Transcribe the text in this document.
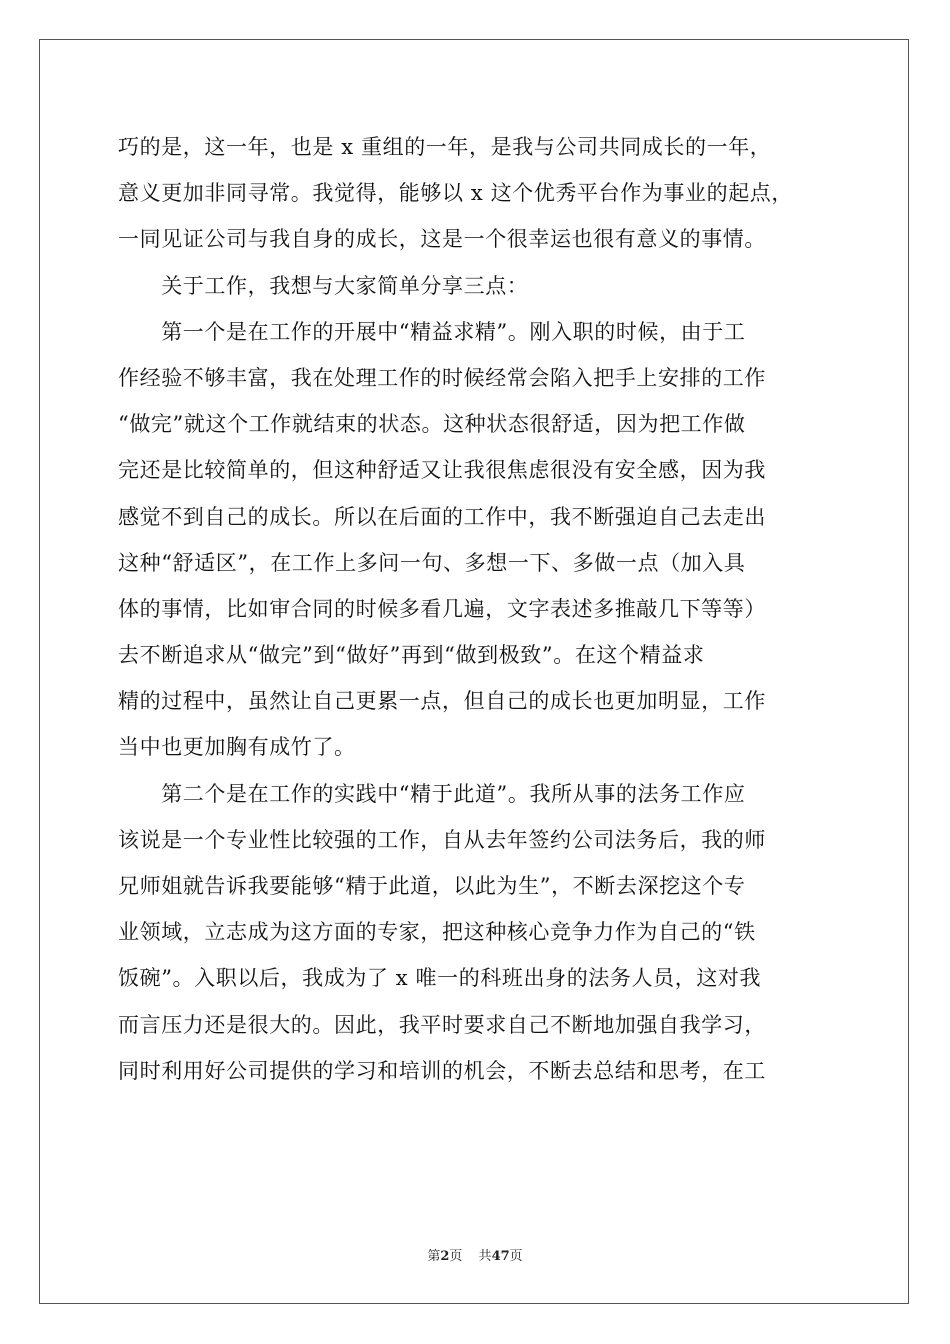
巧的是，这一年，也是 x 重组的一年，是我与公司共同成长的一年，
意义更加非同寻常。我觉得，能够以 x 这个优秀平台作为事业的起点，
一同见证公司与我自身的成长，这是一个很幸运也很有意义的事情。
　　关于工作，我想与大家简单分享三点：
　　第一个是在工作的开展中“精益求精”。刚入职的时候，由于工
作经验不够丰富，我在处理工作的时候经常会陷入把手上安排的工作
“做完”就这个工作就结束的状态。这种状态很舒适，因为把工作做
完还是比较简单的，但这种舒适又让我很焦虑很没有安全感，因为我
感觉不到自己的成长。所以在后面的工作中，我不断强迫自己去走出
这种“舒适区”，在工作上多问一句、多想一下、多做一点（加入具
体的事情，比如审合同的时候多看几遍，文字表述多推敲几下等等）
去不断追求从“做完”到“做好”再到“做到极致”。在这个精益求
精的过程中，虽然让自己更累一点，但自己的成长也更加明显，工作
当中也更加胸有成竹了。
　　第二个是在工作的实践中“精于此道”。我所从事的法务工作应
该说是一个专业性比较强的工作，自从去年签约公司法务后，我的师
兄师姐就告诉我要能够“精于此道，以此为生”，不断去深挖这个专
业领域，立志成为这方面的专家，把这种核心竞争力作为自己的“铁
饭碗”。入职以后，我成为了 x 唯一的科班出身的法务人员，这对我
而言压力还是很大的。因此，我平时要求自己不断地加强自我学习，
同时利用好公司提供的学习和培训的机会，不断去总结和思考，在工
第2页 共47页
